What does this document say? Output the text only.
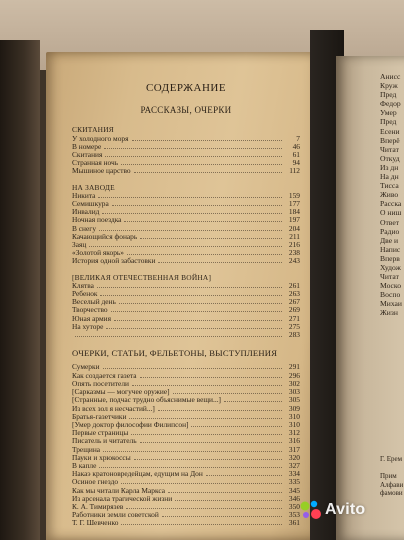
СОДЕРЖАНИЕ
РАССКАЗЫ, ОЧЕРКИ
СКИТАНИЯ
У холодного моря	7
В номере	46
Скитания	61
Странная ночь	94
Мышиное царство	112
НА ЗАВОДЕ
Никита	159
Семишкура	177
Инвалид	184
Ночная поездка	197
В снегу	204
Качающийся фонарь	211
Заяц	216
«Золотой якорь»	238
История одной забастовки	243
[ВЕЛИКАЯ ОТЕЧЕСТВЕННАЯ ВОЙНА]
Клятва	261
Ребенок	263
Веселый день	267
Творчество	269
Юная армия	271
На хуторе	275
283
ОЧЕРКИ, СТАТЬИ, ФЕЛЬЕТОНЫ, ВЫСТУПЛЕНИЯ
Сумерки	291
Как создается газета	296
Опять посетители	302
[Сарказмы — могучее оружие]	303
[Странные, подчас трудно объяснимые вещи...]	305
Из всех зол я несчастий...]	309
Братья-газетчики	310
[Умер доктор философии Филипсон]	310
Первые страницы	312
Писатель и читатель	316
Трещина	317
Пауки и хрюкоссы	320
В капле	327
Накаэ кратоновредейцам, едущим на Дон	334
Осиное гнездо	335
Как мы читали Карла Маркса	345
Из арсенала трагической жизни	346
К. А. Тимирязев	350
Работники земли советской	353
Т. Г. Шевченко	361
Анисс
Круж
Пред
Федор
Умер
Пред
Есени
Вперё
Читат
Откуд
Из дн
На дн
Тисса
Живо
Расска
О ниш
Ответ
Радио
Две и
Напис
Вперв
Худож
Читат
Моско
Воспо
Михаи
Жизн
Г. Ерем

Прим
Алфави
фамови
Avito
